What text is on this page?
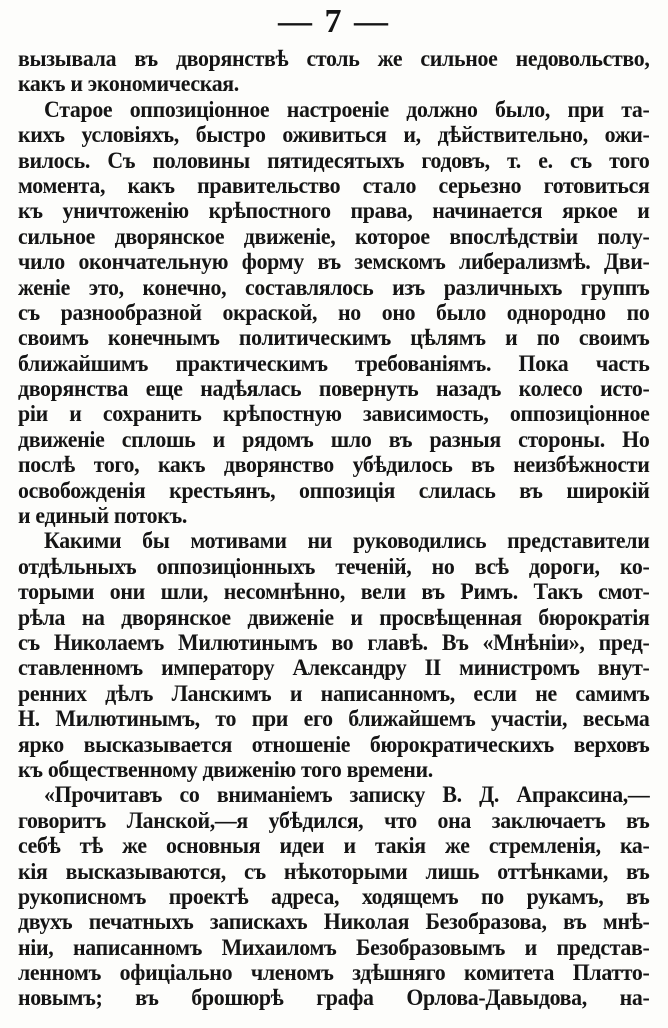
— 7 —
вызывала въ дворянствѣ столь же сильное недовольство,
какъ и экономическая.
Старое оппозиціонное настроеніе должно было, при та-
кихъ условіяхъ, быстро оживиться и, дѣйствительно, ожи-
вилось. Съ половины пятидесятыхъ годовъ, т. е. съ того
момента, какъ правительство стало серьезно готовиться
къ уничтоженію крѣпостного права, начинается яркое и
сильное дворянское движеніе, которое впослѣдствіи полу-
чило окончательную форму въ земскомъ либерализмѣ. Дви-
женіе это, конечно, составлялось изъ различныхъ группъ
съ разнообразной окраской, но оно было однородно по
своимъ конечнымъ политическимъ цѣлямъ и по своимъ
ближайшимъ практическимъ требованіямъ. Пока часть
дворянства еще надѣялась повернуть назадъ колесо исто-
ріи и сохранить крѣпостную зависимость, оппозиціонное
движеніе сплошь и рядомъ шло въ разныя стороны. Но
послѣ того, какъ дворянство убѣдилось въ неизбѣжности
освобожденія крестьянъ, оппозиція слилась въ широкій
и единый потокъ.
Какими бы мотивами ни руководились представители
отдѣльныхъ оппозиціонныхъ теченій, но всѣ дороги, ко-
торыми они шли, несомнѣнно, вели въ Римъ. Такъ смот-
рѣла на дворянское движеніе и просвѣщенная бюрократія
съ Николаемъ Милютинымъ во главѣ. Въ «Мнѣніи», пред-
ставленномъ императору Александру II министромъ внут-
ренних дѣлъ Ланскимъ и написанномъ, если не самимъ
Н. Милютинымъ, то при его ближайшемъ участіи, весьма
ярко высказывается отношеніе бюрократическихъ верховъ
къ общественному движенію того времени.
«Прочитавъ со вниманіемъ записку В. Д. Апраксина,—
говоритъ Ланской,—я убѣдился, что она заключаетъ въ
себѣ тѣ же основныя идеи и такія же стремленія, ка-
кія высказываются, съ нѣкоторыми лишь оттѣнками, въ
рукописномъ проектѣ адреса, ходящемъ по рукамъ, въ
двухъ печатныхъ запискахъ Николая Безобразова, въ мнѣ-
ніи, написанномъ Михаиломъ Безобразовымъ и представ-
ленномъ офиціально членомъ здѣшняго комитета Платто-
новымъ; въ брошюрѣ графа Орлова-Давыдова, на-
